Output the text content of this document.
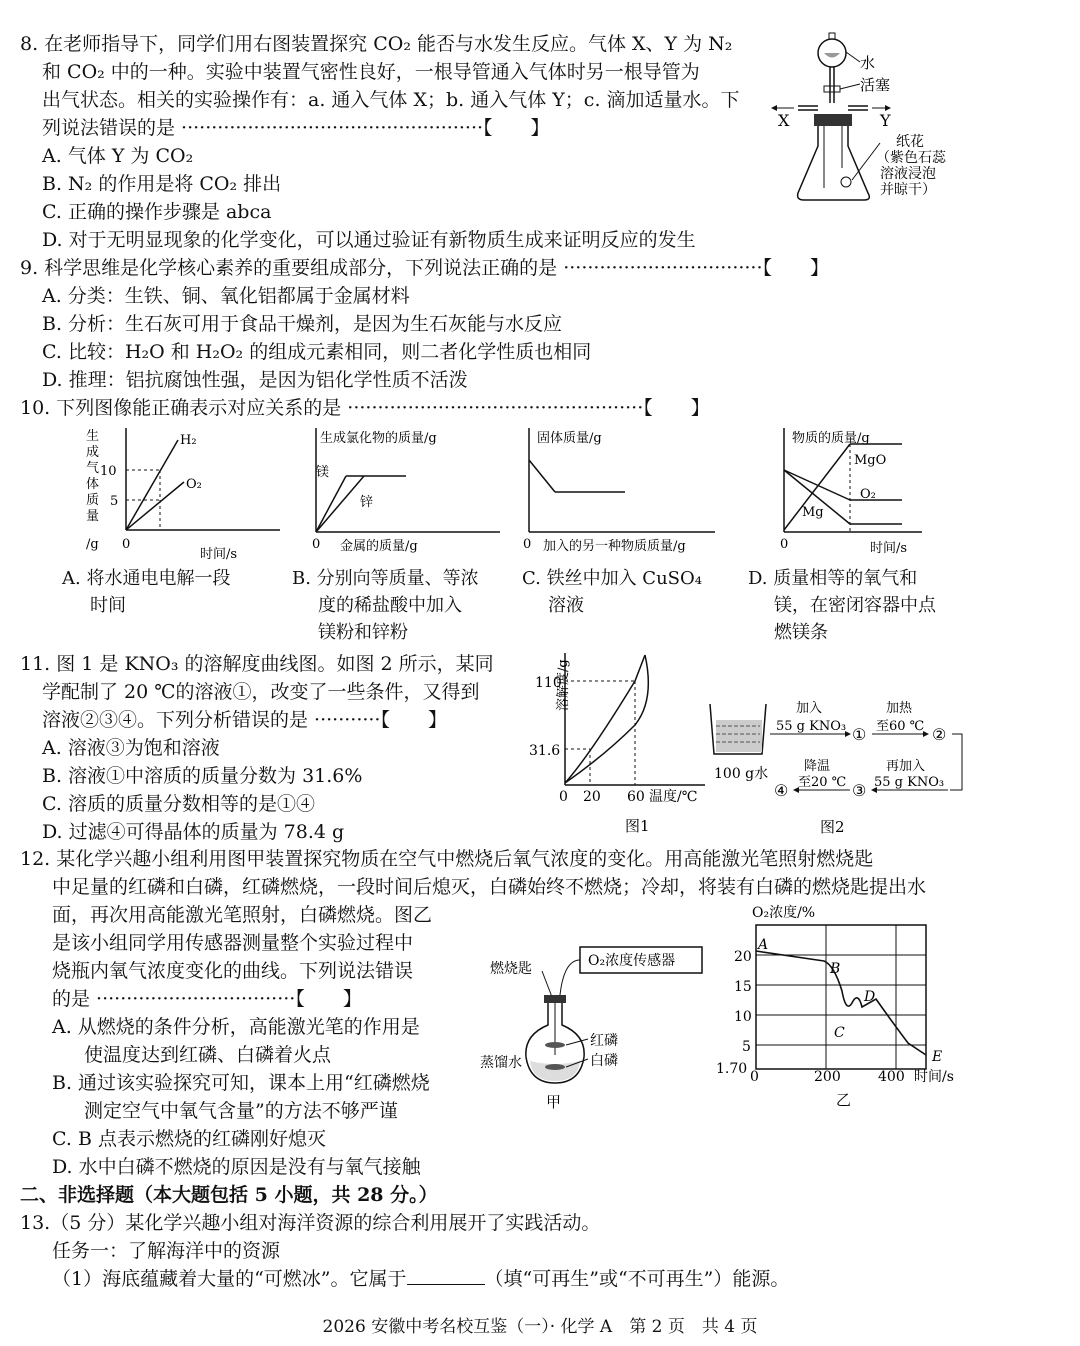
8. 在老师指导下，同学们用右图装置探究 CO₂ 能否与水发生反应。气体 X、Y 为 N₂
和 CO₂ 中的一种。实验中装置气密性良好，一根导管通入气体时另一根导管为
出气状态。相关的实验操作有：a. 通入气体 X；b. 通入气体 Y；c. 滴加适量水。下
列说法错误的是 ··················································【　　】
A. 气体 Y 为 CO₂
B. N₂ 的作用是将 CO₂ 排出
C. 正确的操作步骤是 abca
D. 对于无明显现象的化学变化，可以通过验证有新物质生成来证明反应的发生
水
活塞
X	Y
纸花
（紫色石蕊
溶液浸泡
并晾干）
9. 科学思维是化学核心素养的重要组成部分，下列说法正确的是 ·································【　　】
A. 分类：生铁、铜、氧化铝都属于金属材料
B. 分析：生石灰可用于食品干燥剂，是因为生石灰能与水反应
C. 比较：H₂O 和 H₂O₂ 的组成元素相同，则二者化学性质也相同
D. 推理：铝抗腐蚀性强，是因为铝化学性质不活泼
10. 下列图像能正确表示对应关系的是 ·················································【　　】
生
成
气
体
质
量
/g
10
5
0
时间/s
H₂
O₂
A. 将水通电电解一段
时间
生成氯化物的质量/g
0 金属的质量/g
镁
锌
B. 分别向等质量、等浓
度的稀盐酸中加入
镁粉和锌粉
固体质量/g
0 加入的另一种物质质量/g
C. 铁丝中加入 CuSO₄
溶液
物质的质量/g
0	时间/s
MgO
O₂
Mg
D. 质量相等的氧气和
镁，在密闭容器中点
燃镁条
11. 图 1 是 KNO₃ 的溶解度曲线图。如图 2 所示，某同
学配制了 20 ℃的溶液①，改变了一些条件，又得到
溶液②③④。下列分析错误的是 ···········【　　】
A. 溶液③为饱和溶液
B. 溶液①中溶质的质量分数为 31.6%
C. 溶质的质量分数相等的是①④
D. 过滤④可得晶体的质量为 78.4 g
溶解度/g
110
31.6
0 20 60 温度/℃
图1
100 g水
加入
55 g KNO₃ ①
加热
至60 ℃ ②
③
再加入
55 g KNO₃
降温
至20 ℃
④
图2
12. 某化学兴趣小组利用图甲装置探究物质在空气中燃烧后氧气浓度的变化。用高能激光笔照射燃烧匙
中足量的红磷和白磷，红磷燃烧，一段时间后熄灭，白磷始终不燃烧；冷却，将装有白磷的燃烧匙提出水
面，再次用高能激光笔照射，白磷燃烧。图乙
是该小组同学用传感器测量整个实验过程中
烧瓶内氧气浓度变化的曲线。下列说法错误
的是 ·································【　　】
A. 从燃烧的条件分析，高能激光笔的作用是
使温度达到红磷、白磷着火点
B. 通过该实验探究可知，课本上用“红磷燃烧
测定空气中氧气含量”的方法不够严谨
C. B 点表示燃烧的红磷刚好熄灭
D. 水中白磷不燃烧的原因是没有与氧气接触
O₂浓度传感器
燃烧匙
红磷
白磷
蒸馏水
甲
O₂浓度/%
A
B
C
D
E
20
15
10
5
1.70 0	200	400 时间/s
乙
二、非选择题（本大题包括 5 小题，共 28 分。）
13.（5 分）某化学兴趣小组对海洋资源的综合利用展开了实践活动。
任务一：了解海洋中的资源
（1）海底蕴藏着大量的“可燃冰”。它属于	（填“可再生”或“不可再生”）能源。
2026 安徽中考名校互鉴（一）· 化学 A　第 2 页　共 4 页
